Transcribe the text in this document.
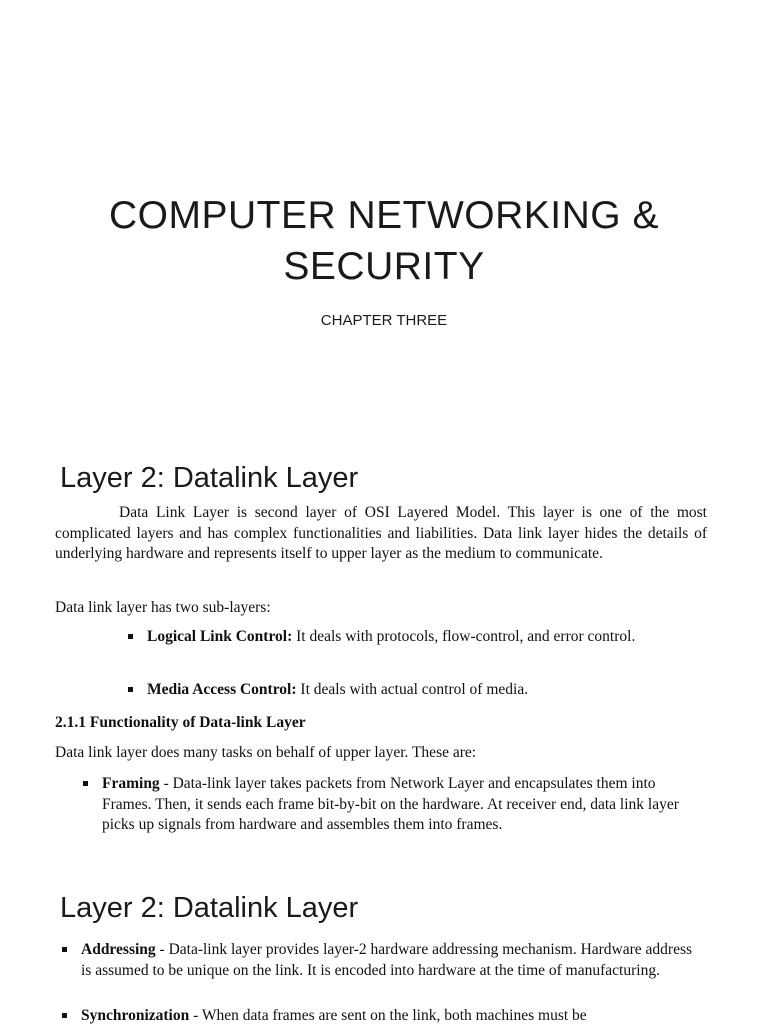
COMPUTER NETWORKING &
SECURITY
CHAPTER THREE
Layer 2: Datalink Layer

Data Link Layer is second layer of OSI Layered Model. This layer is one of the most complicated layers and has complex functionalities and liabilities. Data link layer hides the details of underlying hardware and represents itself to upper layer as the medium to communicate.

Data link layer has two sub-layers:
Logical Link Control: It deals with protocols, flow-control, and error control.
Media Access Control: It deals with actual control of media.
2.1.1 Functionality of Data-link Layer
Data link layer does many tasks on behalf of upper layer. These are:
Framing - Data-link layer takes packets from Network Layer and encapsulates them into Frames. Then, it sends each frame bit-by-bit on the hardware. At receiver end, data link layer picks up signals from hardware and assembles them into frames.
Layer 2: Datalink Layer
Addressing - Data-link layer provides layer-2 hardware addressing mechanism. Hardware address is assumed to be unique on the link. It is encoded into hardware at the time of manufacturing.
Synchronization - When data frames are sent on the link, both machines must be
